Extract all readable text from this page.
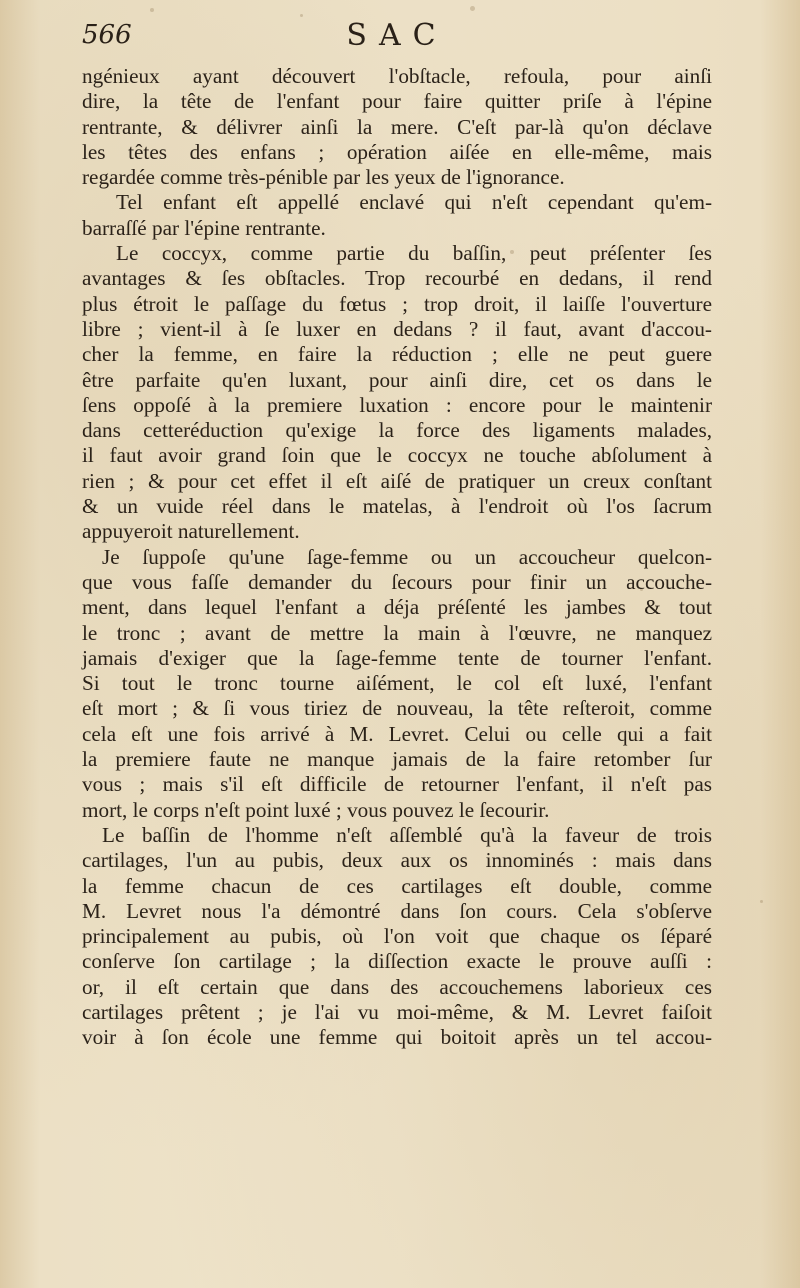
566	SAC
ngénieux ayant découvert l'obſtacle, refoula, pour ainſi
dire, la tête de l'enfant pour faire quitter priſe à l'épine
rentrante, & délivrer ainſi la mere. C'eſt par-là qu'on déclave
les têtes des enfans ; opération aiſée en elle-même, mais
regardée comme très-pénible par les yeux de l'ignorance.
Tel enfant eſt appellé enclavé qui n'eſt cependant qu'em-
barraſſé par l'épine rentrante.
Le coccyx, comme partie du baſſin, peut préſenter ſes
avantages & ſes obſtacles. Trop recourbé en dedans, il rend
plus étroit le paſſage du fœtus ; trop droit, il laiſſe l'ouverture
libre ; vient-il à ſe luxer en dedans ? il faut, avant d'accou-
cher la femme, en faire la réduction ; elle ne peut guere
être parfaite qu'en luxant, pour ainſi dire, cet os dans le
ſens oppoſé à la premiere luxation : encore pour le maintenir
dans cetteréduction qu'exige la force des ligaments malades,
il faut avoir grand ſoin que le coccyx ne touche abſolument à
rien ; & pour cet effet il eſt aiſé de pratiquer un creux conſtant
& un vuide réel dans le matelas, à l'endroit où l'os ſacrum
appuyeroit naturellement.
Je ſuppoſe qu'une ſage-femme ou un accoucheur quelcon-
que vous faſſe demander du ſecours pour finir un accouche-
ment, dans lequel l'enfant a déja préſenté les jambes & tout
le tronc ; avant de mettre la main à l'œuvre, ne manquez
jamais d'exiger que la ſage-femme tente de tourner l'enfant.
Si tout le tronc tourne aiſément, le col eſt luxé, l'enfant
eſt mort ; & ſi vous tiriez de nouveau, la tête reſteroit, comme
cela eſt une fois arrivé à M. Levret. Celui ou celle qui a fait
la premiere faute ne manque jamais de la faire retomber ſur
vous ; mais s'il eſt difficile de retourner l'enfant, il n'eſt pas
mort, le corps n'eſt point luxé ; vous pouvez le ſecourir.
Le baſſin de l'homme n'eſt aſſemblé qu'à la faveur de trois
cartilages, l'un au pubis, deux aux os innominés : mais dans
la femme chacun de ces cartilages eſt double, comme
M. Levret nous l'a démontré dans ſon cours. Cela s'obſerve
principalement au pubis, où l'on voit que chaque os ſéparé
conſerve ſon cartilage ; la diſſection exacte le prouve auſſi :
or, il eſt certain que dans des accouchemens laborieux ces
cartilages prêtent ; je l'ai vu moi-même, & M. Levret faiſoit
voir à ſon école une femme qui boitoit après un tel accou-
